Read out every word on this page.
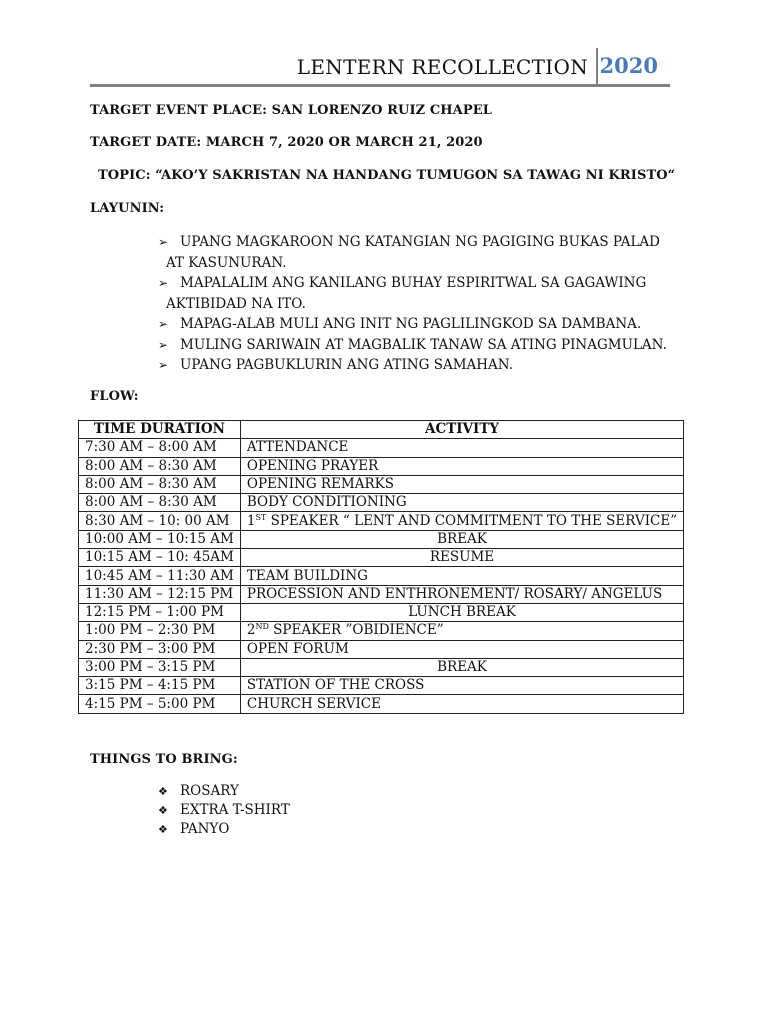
LENTERN RECOLLECTION 2020
TARGET EVENT PLACE: SAN LORENZO RUIZ CHAPEL
TARGET DATE: MARCH 7, 2020 OR MARCH 21, 2020
TOPIC: “AKO’Y SAKRISTAN NA HANDANG TUMUGON SA TAWAG NI KRISTO“
LAYUNIN:
➢ UPANG MAGKAROON NG KATANGIAN NG PAGIGING BUKAS PALAD
AT KASUNURAN.
➢ MAPALALIM ANG KANILANG BUHAY ESPIRITWAL SA GAGAWING
AKTIBIDAD NA ITO.
➢ MAPAG-ALAB MULI ANG INIT NG PAGLILINGKOD SA DAMBANA.
➢ MULING SARIWAIN AT MAGBALIK TANAW SA ATING PINAGMULAN.
➢ UPANG PAGBUKLURIN ANG ATING SAMAHAN.
FLOW:
TIME DURATION	ACTIVITY
7:30 AM – 8:00 AM	ATTENDANCE
8:00 AM – 8:30 AM	OPENING PRAYER
8:00 AM – 8:30 AM	OPENING REMARKS
8:00 AM – 8:30 AM	BODY CONDITIONING
8:30 AM – 10: 00 AM	1ST SPEAKER “ LENT AND COMMITMENT TO THE SERVICE”
10:00 AM – 10:15 AM	BREAK
10:15 AM – 10: 45AM	RESUME
10:45 AM – 11:30 AM	TEAM BUILDING
11:30 AM – 12:15 PM	PROCESSION AND ENTHRONEMENT/ ROSARY/ ANGELUS
12:15 PM – 1:00 PM	LUNCH BREAK
1:00 PM – 2:30 PM	2ND SPEAKER ”OBIDIENCE”
2:30 PM – 3:00 PM	OPEN FORUM
3:00 PM – 3:15 PM	BREAK
3:15 PM – 4:15 PM	STATION OF THE CROSS
4:15 PM – 5:00 PM	CHURCH SERVICE
THINGS TO BRING:
❖ ROSARY
❖ EXTRA T-SHIRT
❖ PANYO
